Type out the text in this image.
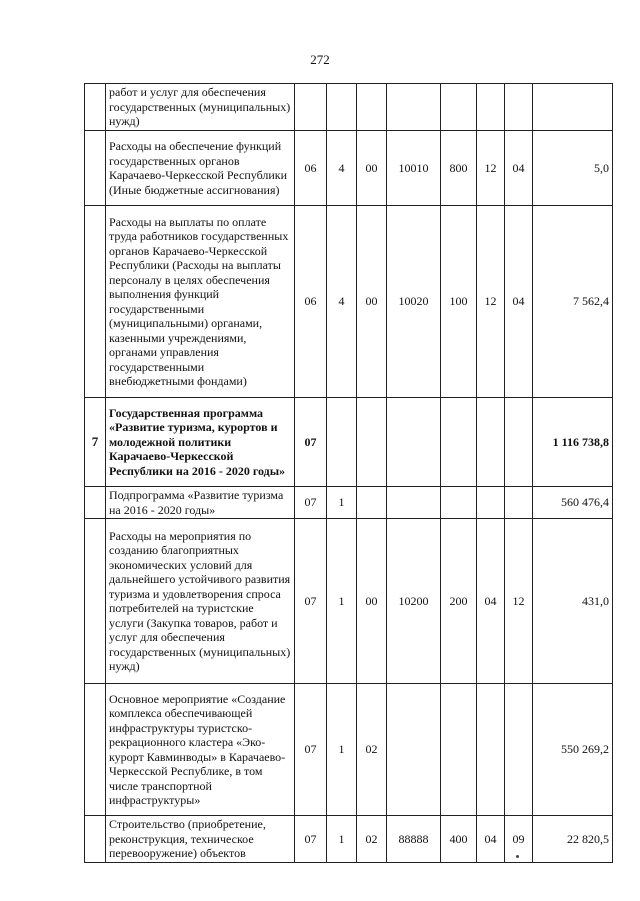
272
	работ и услуг для обеспечения государственных (муниципальных) нужд)								
	Расходы на обеспечение функций государственных органов Карачаево-Черкесской Республики (Иные бюджетные ассигнования)	06	4	00	10010	800	12	04	5,0
	Расходы на выплаты по оплате труда работников государственных органов Карачаево-Черкесской Республики (Расходы на выплаты персоналу в целях обеспечения выполнения функций государственными (муниципальными) органами, казенными учреждениями, органами управления государственными внебюджетными фондами)	06	4	00	10020	100	12	04	7 562,4
7	Государственная программа «Развитие туризма, курортов и молодежной политики Карачаево-Черкесской Республики на 2016 - 2020 годы»	07							1 116 738,8
	Подпрограмма «Развитие туризма на 2016 - 2020 годы»	07	1						560 476,4
	Расходы на мероприятия по созданию благоприятных экономических условий для дальнейшего устойчивого развития туризма и удовлетворения спроса потребителей на туристские услуги (Закупка товаров, работ и услуг для обеспечения государственных (муниципальных) нужд)	07	1	00	10200	200	04	12	431,0
	Основное мероприятие «Создание комплекса обеспечивающей инфраструктуры туристско-рекрационного кластера «Эко-курорт Кавминводы» в Карачаево-Черкесской Республике, в том числе транспортной инфраструктуры»	07	1	02					550 269,2
	Строительство (приобретение, реконструкция, техническое перевооружение) объектов	07	1	02	88888	400	04	09	22 820,5
